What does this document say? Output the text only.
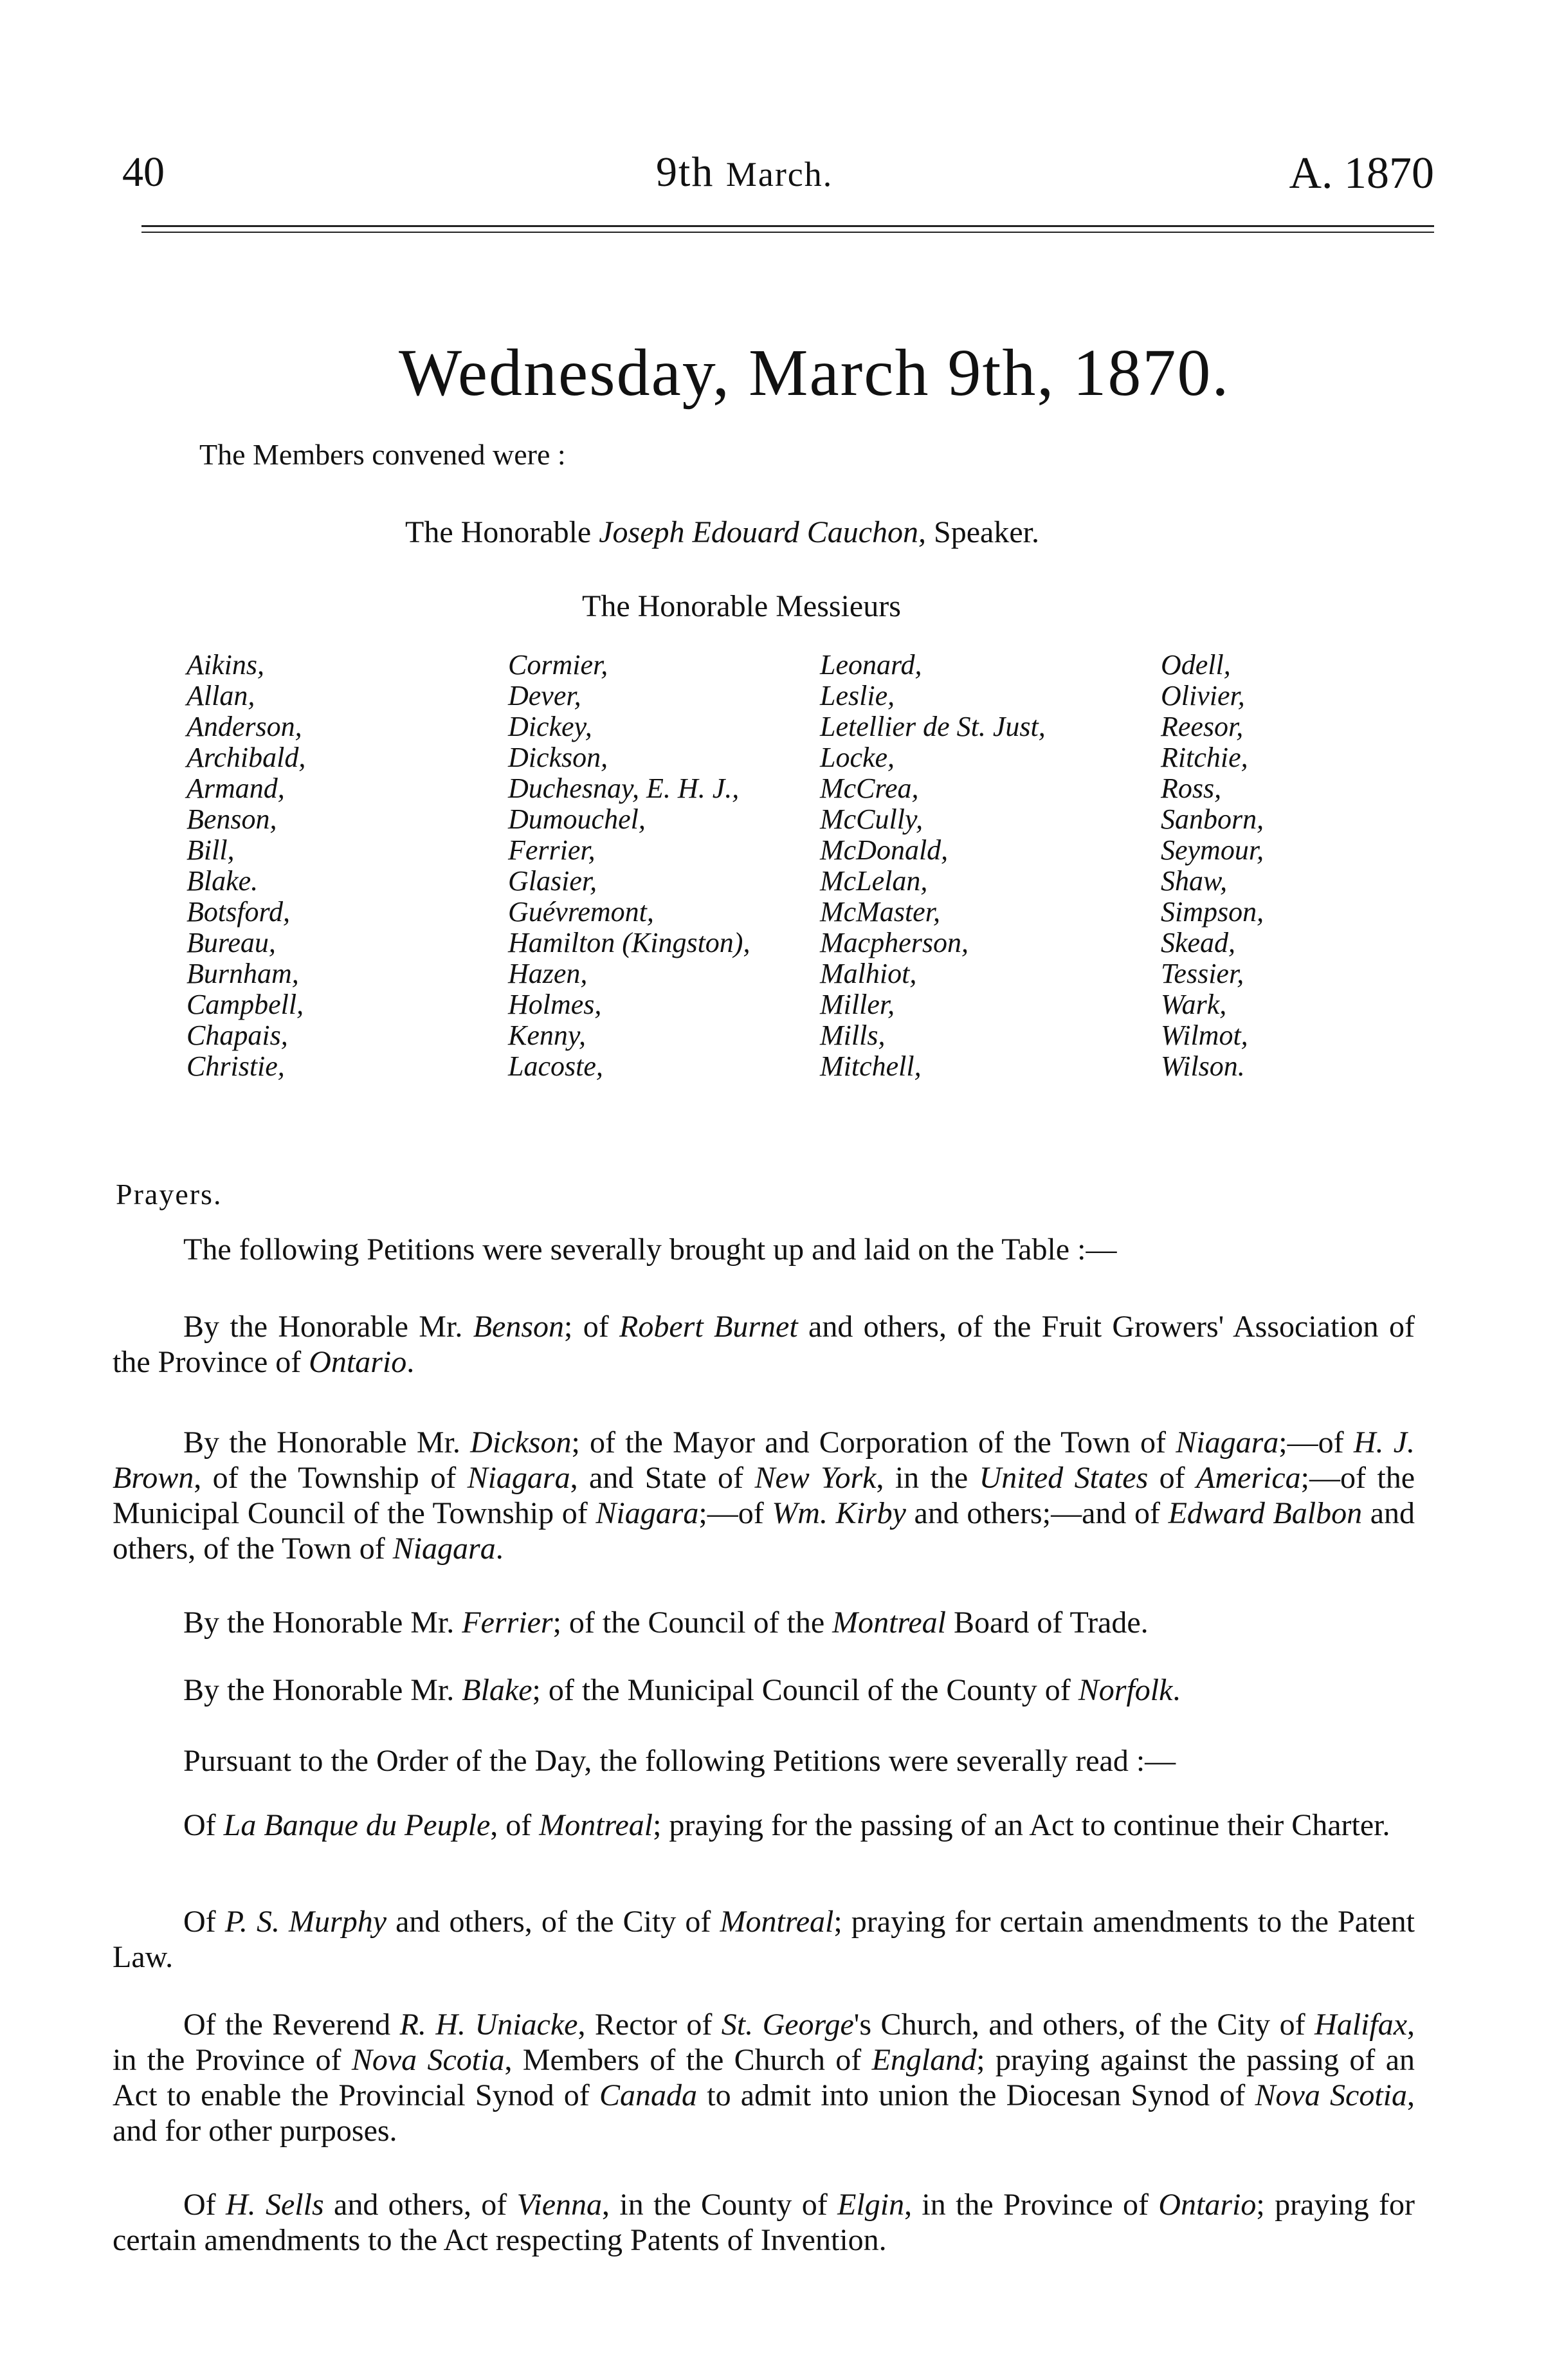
40	9th March.	A. 1870
Wednesday, March 9th, 1870.
The Members convened were :
The Honorable Joseph Edouard Cauchon, Speaker.
The Honorable Messieurs
Aikins,
Allan,
Anderson,
Archibald,
Armand,
Benson,
Bill,
Blake.
Botsford,
Bureau,
Burnham,
Campbell,
Chapais,
Christie,
Cormier,
Dever,
Dickey,
Dickson,
Duchesnay, E. H. J.,
Dumouchel,
Ferrier,
Glasier,
Guévremont,
Hamilton (Kingston),
Hazen,
Holmes,
Kenny,
Lacoste,
Leonard,
Leslie,
Letellier de St. Just,
Locke,
McCrea,
McCully,
McDonald,
McLelan,
McMaster,
Macpherson,
Malhiot,
Miller,
Mills,
Mitchell,
Odell,
Olivier,
Reesor,
Ritchie,
Ross,
Sanborn,
Seymour,
Shaw,
Simpson,
Skead,
Tessier,
Wark,
Wilmot,
Wilson.
Prayers.

The following Petitions were severally brought up and laid on the Table :—

By the Honorable Mr. Benson; of Robert Burnet and others, of the Fruit Growers' Association of the Province of Ontario.

By the Honorable Mr. Dickson; of the Mayor and Corporation of the Town of Niagara;—of H. J. Brown, of the Township of Niagara, and State of New York, in the United States of America;—of the Municipal Council of the Township of Niagara;—of Wm. Kirby and others;—and of Edward Balbon and others, of the Town of Niagara.

By the Honorable Mr. Ferrier; of the Council of the Montreal Board of Trade.

By the Honorable Mr. Blake; of the Municipal Council of the County of Norfolk.

Pursuant to the Order of the Day, the following Petitions were severally read :—

Of La Banque du Peuple, of Montreal; praying for the passing of an Act to continue their Charter.

Of P. S. Murphy and others, of the City of Montreal; praying for certain amendments to the Patent Law.

Of the Reverend R. H. Uniacke, Rector of St. George's Church, and others, of the City of Halifax, in the Province of Nova Scotia, Members of the Church of England; praying against the passing of an Act to enable the Provincial Synod of Canada to admit into union the Diocesan Synod of Nova Scotia, and for other purposes.

Of H. Sells and others, of Vienna, in the County of Elgin, in the Province of Ontario; praying for certain amendments to the Act respecting Patents of Invention.
